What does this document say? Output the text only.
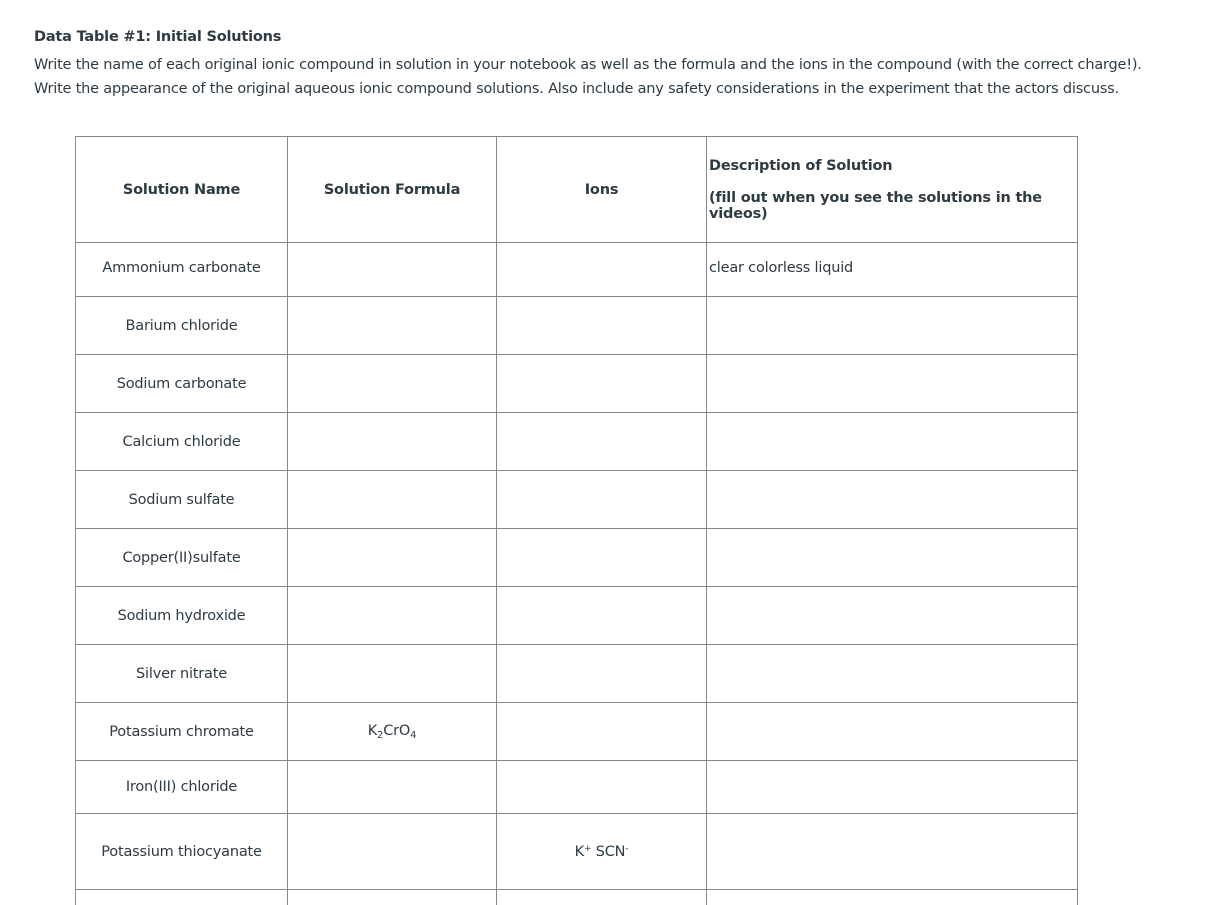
Data Table #1: Initial Solutions
Write the name of each original ionic compound in solution in your notebook as well as the formula and the ions in the compound (with the correct charge!). Write the appearance of the original aqueous ionic compound solutions. Also include any safety considerations in the experiment that the actors discuss.
Solution Name	Solution Formula	Ions	Description of Solution
(fill out when you see the solutions in the videos)

Ammonium carbonate			clear colorless liquid

Barium chloride			
Sodium carbonate			
Calcium chloride			
Sodium sulfate			
Copper(II)sulfate			
Sodium hydroxide			
Silver nitrate			
Potassium chromate	$K_2CrO_4$		
Iron(III) chloride			
Potassium thiocyanate		K+ SCN-	
